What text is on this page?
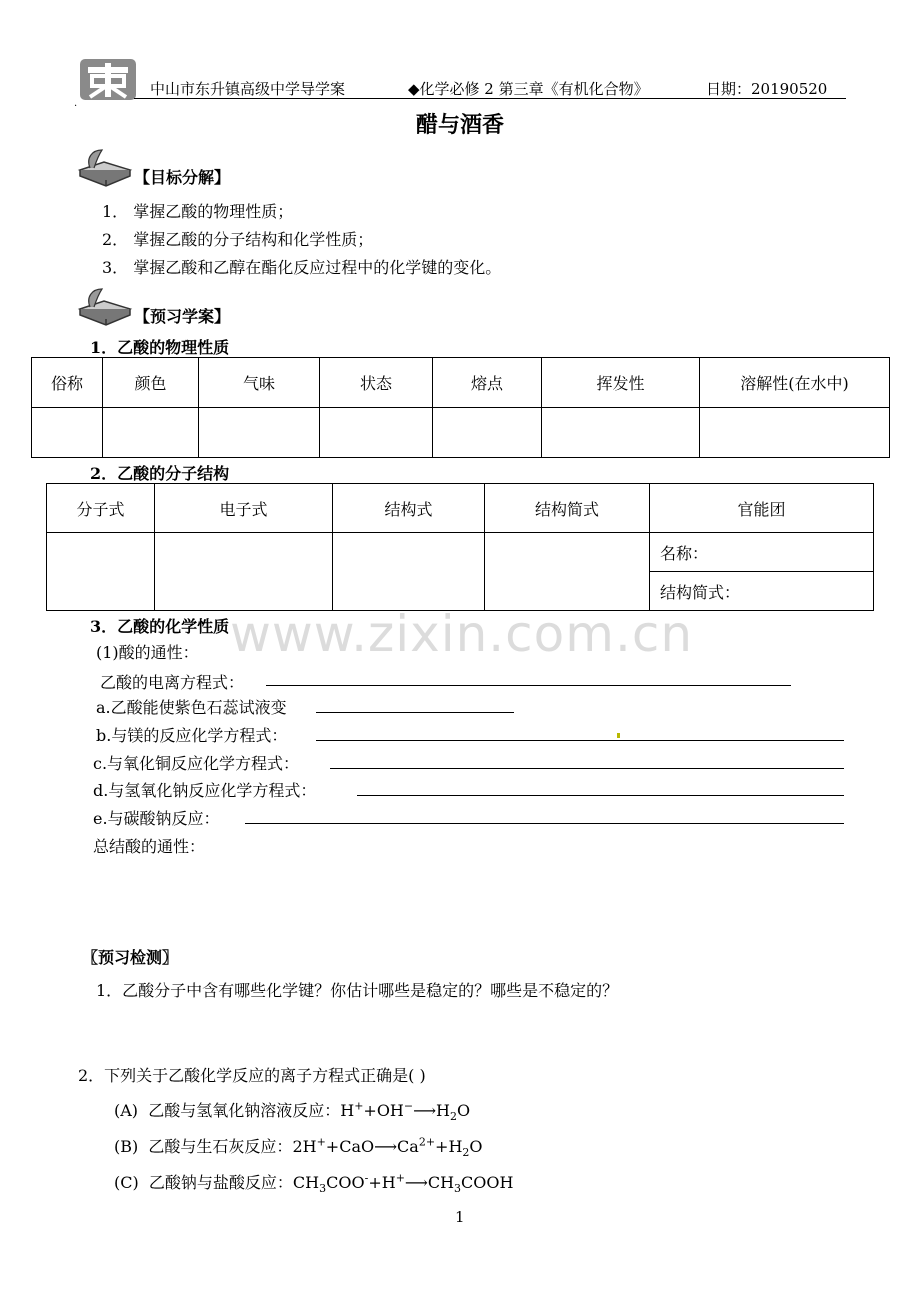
.
中山市东升镇高级中学导学案	◆化学必修 2 第三章《有机化合物》	日期：20190520
醋与酒香
【目标分解】
1． 掌握乙酸的物理性质；
2． 掌握乙酸的分子结构和化学性质；
3． 掌握乙酸和乙醇在酯化反应过程中的化学键的变化。
【预习学案】
1．乙酸的物理性质
俗称	颜色	气味	状态	熔点	挥发性	溶解性(在水中)

2．乙酸的分子结构
分子式	电子式	结构式	结构简式	官能团
				名称：
				结构简式：
www.zixin.com.cn
3．乙酸的化学性质
(1)酸的通性：
乙酸的电离方程式：
a.乙酸能使紫色石蕊试液变
b.与镁的反应化学方程式：
c.与氧化铜反应化学方程式：
d.与氢氧化钠反应化学方程式：
e.与碳酸钠反应：
总结酸的通性：
〖预习检测〗
1．乙酸分子中含有哪些化学键？你估计哪些是稳定的？哪些是不稳定的？
2．下列关于乙酸化学反应的离子方程式正确是( )
(A) 乙酸与氢氧化钠溶液反应：$H^++OH^-⟶H_2O$
(B) 乙酸与生石灰反应：$2H^++CaO⟶Ca^{2+}+H_2O$
(C) 乙酸钠与盐酸反应：$CH_3COO^-+H^+⟶CH_3COOH$
1
